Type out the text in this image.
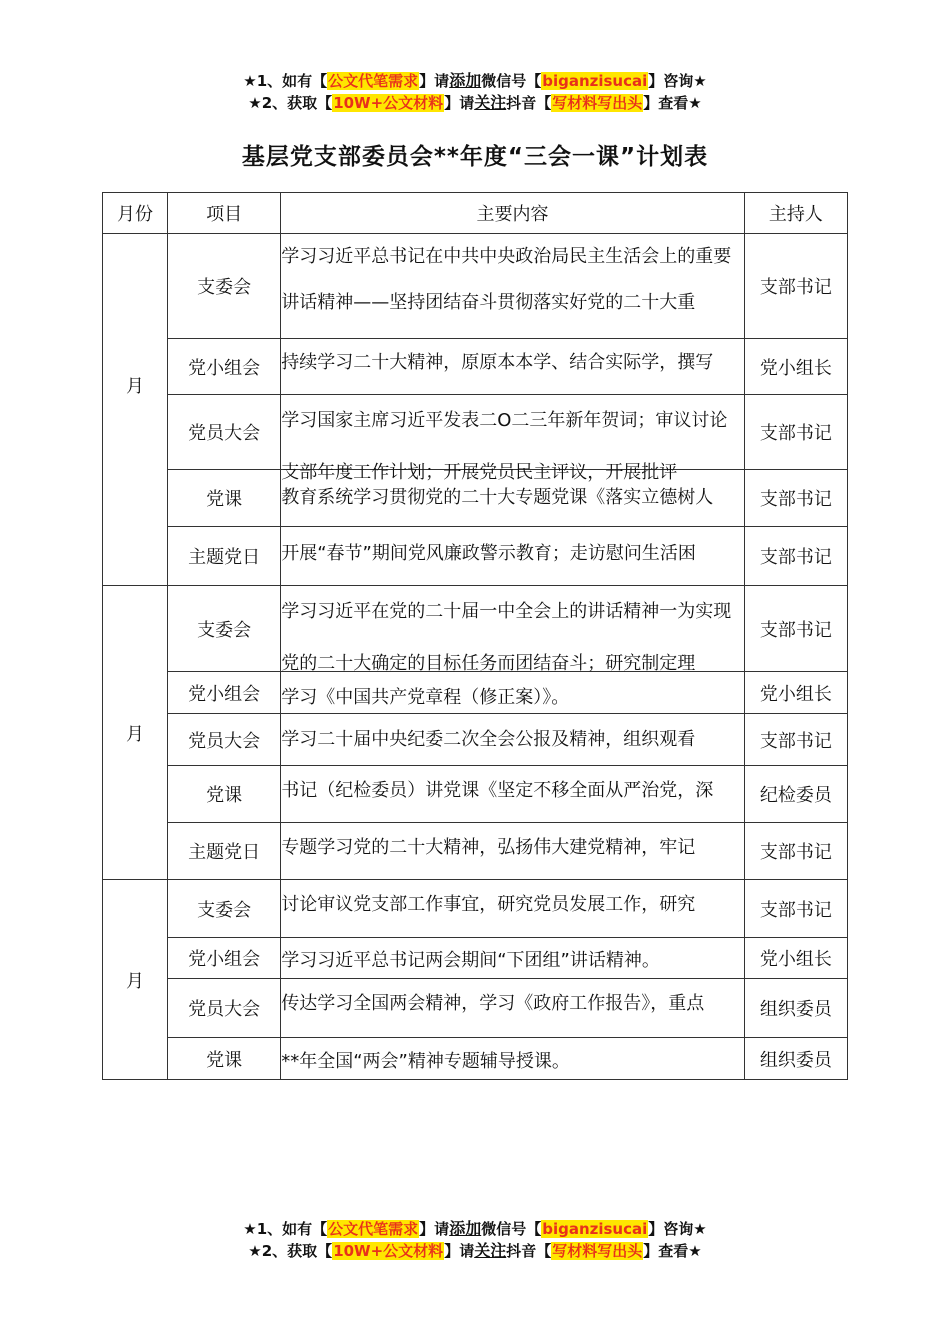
★1、如有【公文代笔需求】请添加微信号【biganzisucai】咨询★
★2、获取【10W+公文材料】请关注抖音【写材料写出头】查看★
基层党支部委员会**年度“三会一课”计划表
月份	项目	主要内容	主持人
月	支委会	学习习近平总书记在中共中央政治局民主生活会上的重要讲话精神——坚持团结奋斗贯彻落实好党的二十大重	支部书记
	党小组会	持续学习二十大精神，原原本本学、结合实际学，撰写	党小组长
	党员大会	学习国家主席习近平发表二O二三年新年贺词；审议讨论支部年度工作计划；开展党员民主评议，开展批评	支部书记
	党课	教育系统学习贯彻党的二十大专题党课《落实立德树人	支部书记
	主题党日	开展“春节”期间党风廉政警示教育；走访慰问生活困	支部书记
月	支委会	学习习近平在党的二十届一中全会上的讲话精神一为实现党的二十大确定的目标任务而团结奋斗；研究制定理	支部书记
	党小组会	学习《中国共产党章程（修正案）》。	党小组长
	党员大会	学习二十届中央纪委二次全会公报及精神，组织观看	支部书记
	党课	书记（纪检委员）讲党课《坚定不移全面从严治党，深	纪检委员
	主题党日	专题学习党的二十大精神，弘扬伟大建党精神，牢记	支部书记
月	支委会	讨论审议党支部工作事宜，研究党员发展工作，研究	支部书记
	党小组会	学习习近平总书记两会期间“下团组”讲话精神。	党小组长
	党员大会	传达学习全国两会精神，学习《政府工作报告》，重点	组织委员
	党课	**年全国“两会”精神专题辅导授课。	组织委员
★1、如有【公文代笔需求】请添加微信号【biganzisucai】咨询★
★2、获取【10W+公文材料】请关注抖音【写材料写出头】查看★
